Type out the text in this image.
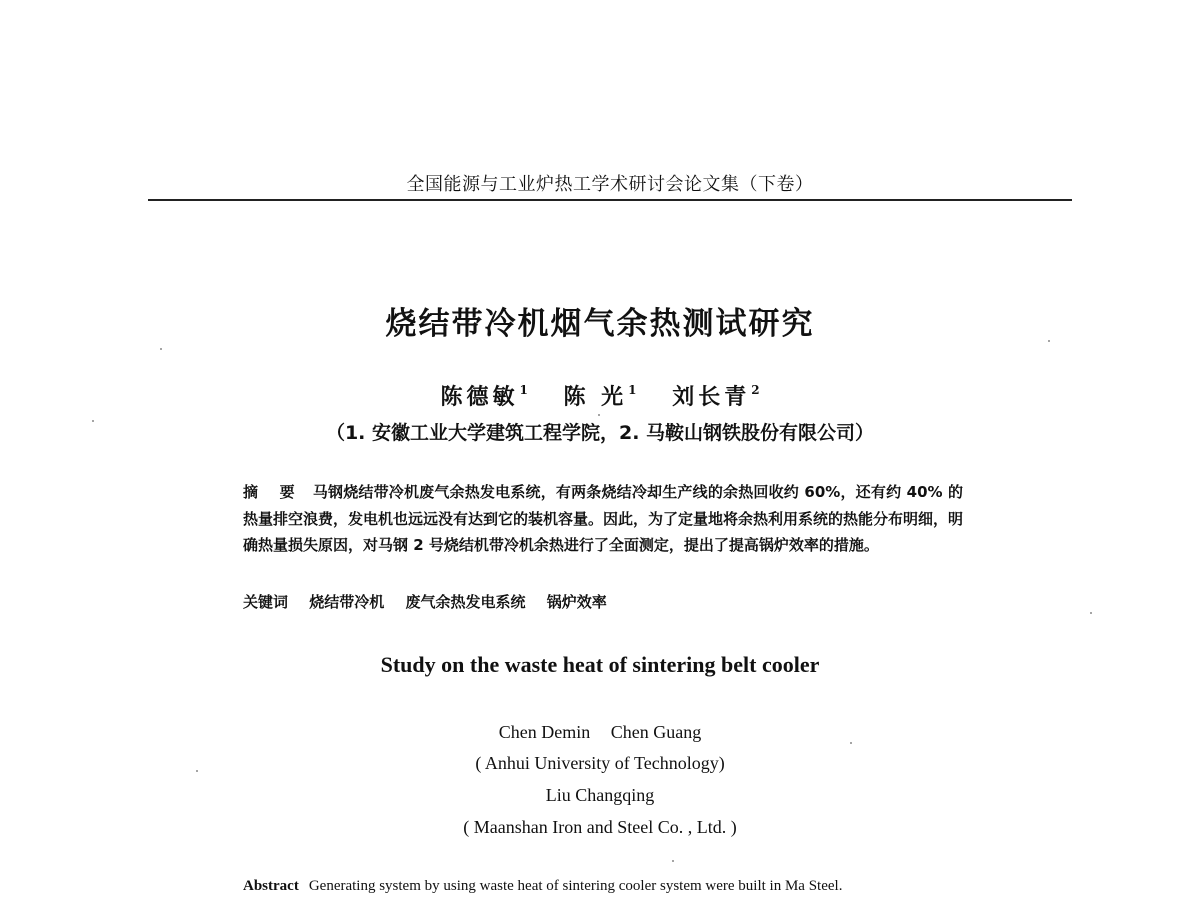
全国能源与工业炉热工学术研讨会论文集（下卷）
烧结带冷机烟气余热测试研究
陈德敏$^1$ 陈 光$^1$ 刘长青$^2$
（1. 安徽工业大学建筑工程学院，2. 马鞍山钢铁股份有限公司）
摘 要 马钢烧结带冷机废气余热发电系统，有两条烧结冷却生产线的余热回收约 60%，还有约 40% 的热量排空浪费，发电机也远远没有达到它的装机容量。因此，为了定量地将余热利用系统的热能分布明细，明确热量损失原因，对马钢 2 号烧结机带冷机余热进行了全面测定，提出了提高锅炉效率的措施。
关键词 烧结带冷机 废气余热发电系统 锅炉效率
Study on the waste heat of sintering belt cooler
Chen Demin Chen Guang
( Anhui University of Technology)
Liu Changqing
( Maanshan Iron and Steel Co. , Ltd. )
Abstract Generating system by using waste heat of sintering cooler system were built in Ma Steel.
